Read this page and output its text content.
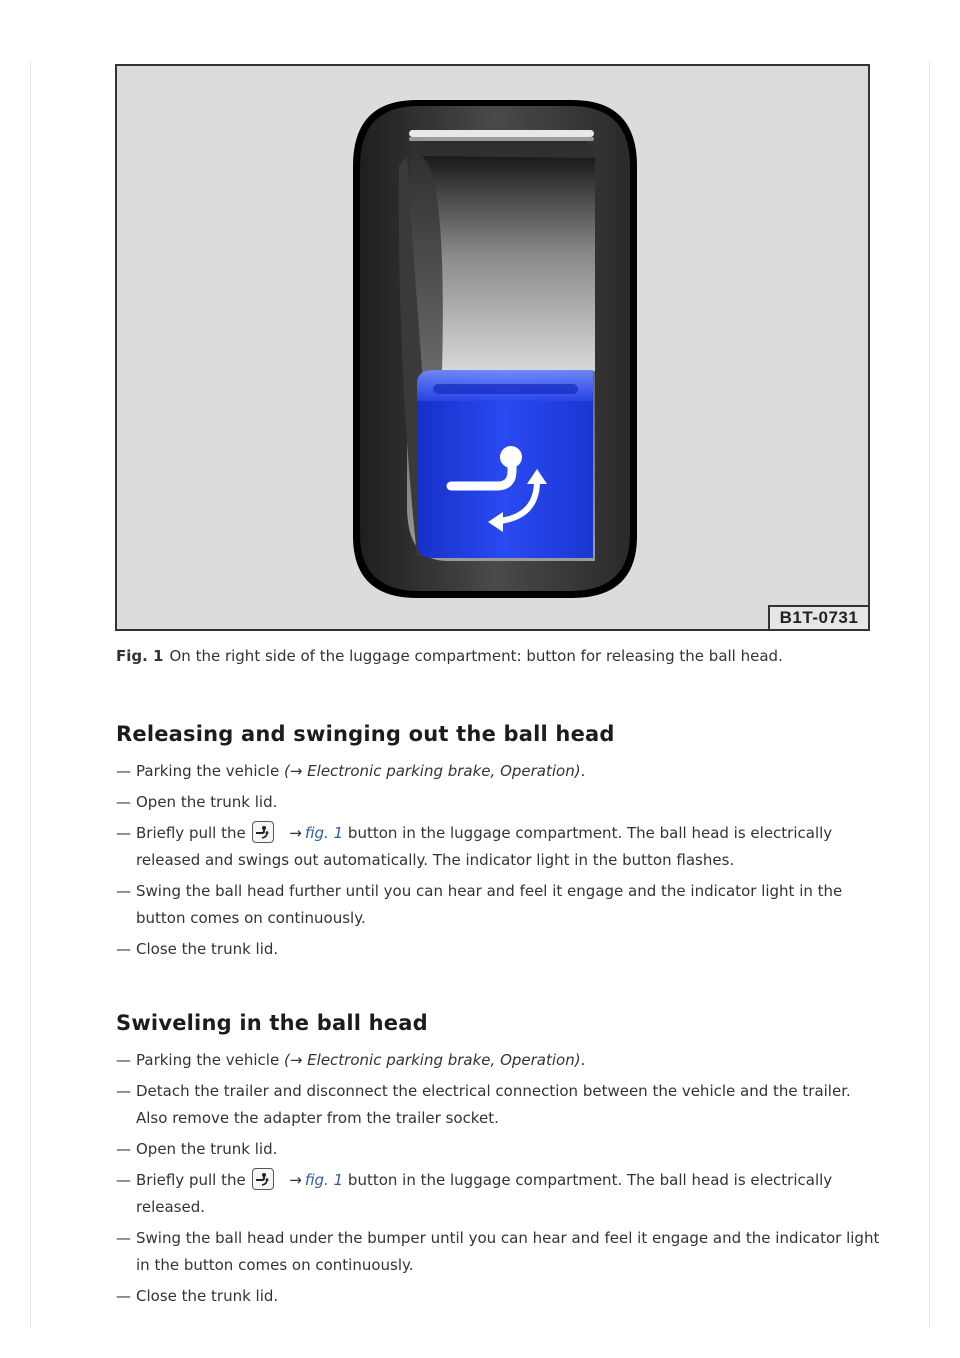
B1T-0731
Fig. 1 On the right side of the luggage compartment: button for releasing the ball head.
Releasing and swinging out the ball head
— Parking the vehicle (→ Electronic parking brake, Operation).
— Open the trunk lid.
— Briefly pull the	→ fig. 1 button in the luggage compartment. The ball head is electrically released and swings out automatically. The indicator light in the button flashes.
— Swing the ball head further until you can hear and feel it engage and the indicator light in the button comes on continuously.
— Close the trunk lid.
Swiveling in the ball head
— Parking the vehicle (→ Electronic parking brake, Operation).
— Detach the trailer and disconnect the electrical connection between the vehicle and the trailer. Also remove the adapter from the trailer socket.
— Open the trunk lid.
— Briefly pull the	→ fig. 1 button in the luggage compartment. The ball head is electrically released.
— Swing the ball head under the bumper until you can hear and feel it engage and the indicator light in the button comes on continuously.
— Close the trunk lid.
